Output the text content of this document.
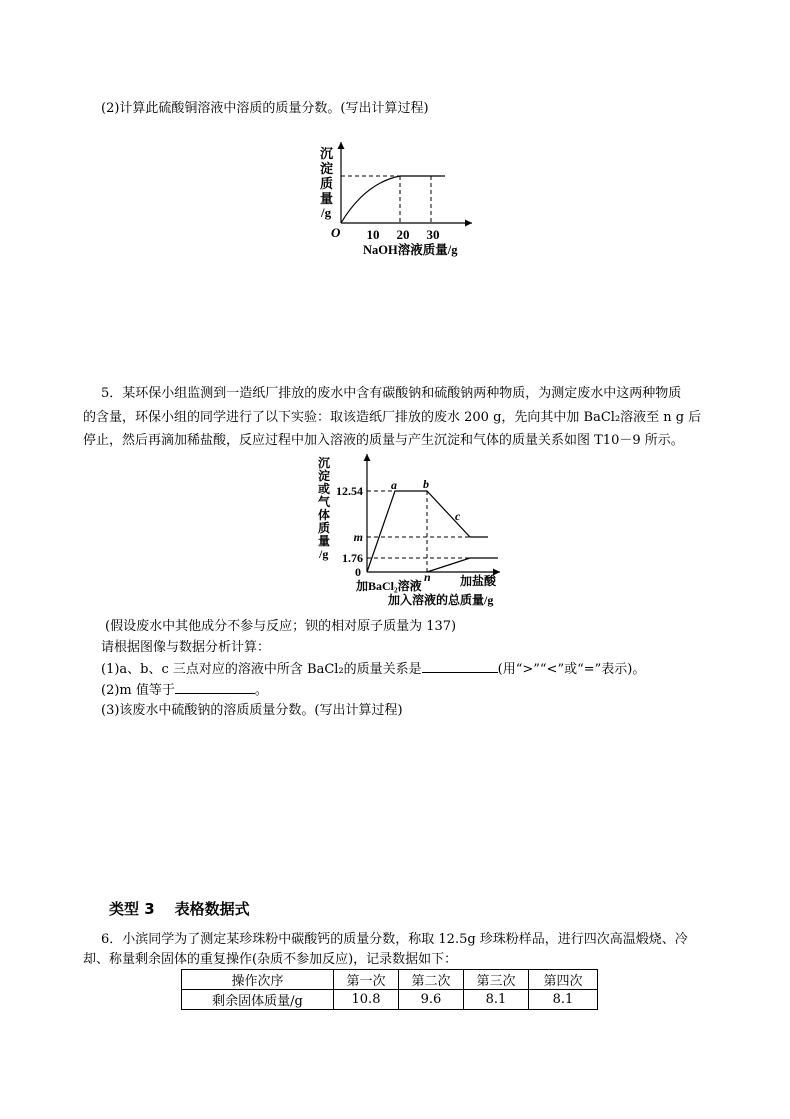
(2)计算此硫酸铜溶液中溶质的质量分数。(写出计算过程)
沉
淀
质
量
/g
O 10 20 30
NaOH溶液质量/g
5．某环保小组监测到一造纸厂排放的废水中含有碳酸钠和硫酸钠两种物质，为测定废水中这两种物质
的含量，环保小组的同学进行了以下实验：取该造纸厂排放的废水 200 g，先向其中加 BaCl₂溶液至 n g 后
停止，然后再滴加稀盐酸，反应过程中加入溶液的质量与产生沉淀和气体的质量关系如图 T10－9 所示。
沉
淀
或
气
体
质
量
/g
12.54
m
1.76
0
a b
c
n
加BaCl₂溶液	加盐酸
加入溶液的总质量/g
(假设废水中其他成分不参与反应；钡的相对原子质量为 137)
请根据图像与数据分析计算：
(1)a、b、c 三点对应的溶液中所含 BaCl₂的质量关系是	(用“>”“<”或“=”表示)。
(2)m 值等于	。
(3)该废水中硫酸钠的溶质质量分数。(写出计算过程)
类型 3 表格数据式
6．小滨同学为了测定某珍珠粉中碳酸钙的质量分数，称取 12.5g 珍珠粉样品，进行四次高温煅烧、冷
却、称量剩余固体的重复操作(杂质不参加反应)，记录数据如下：
操作次序	第一次	第二次	第三次	第四次
剩余固体质量/g	10.8	9.6	8.1	8.1
